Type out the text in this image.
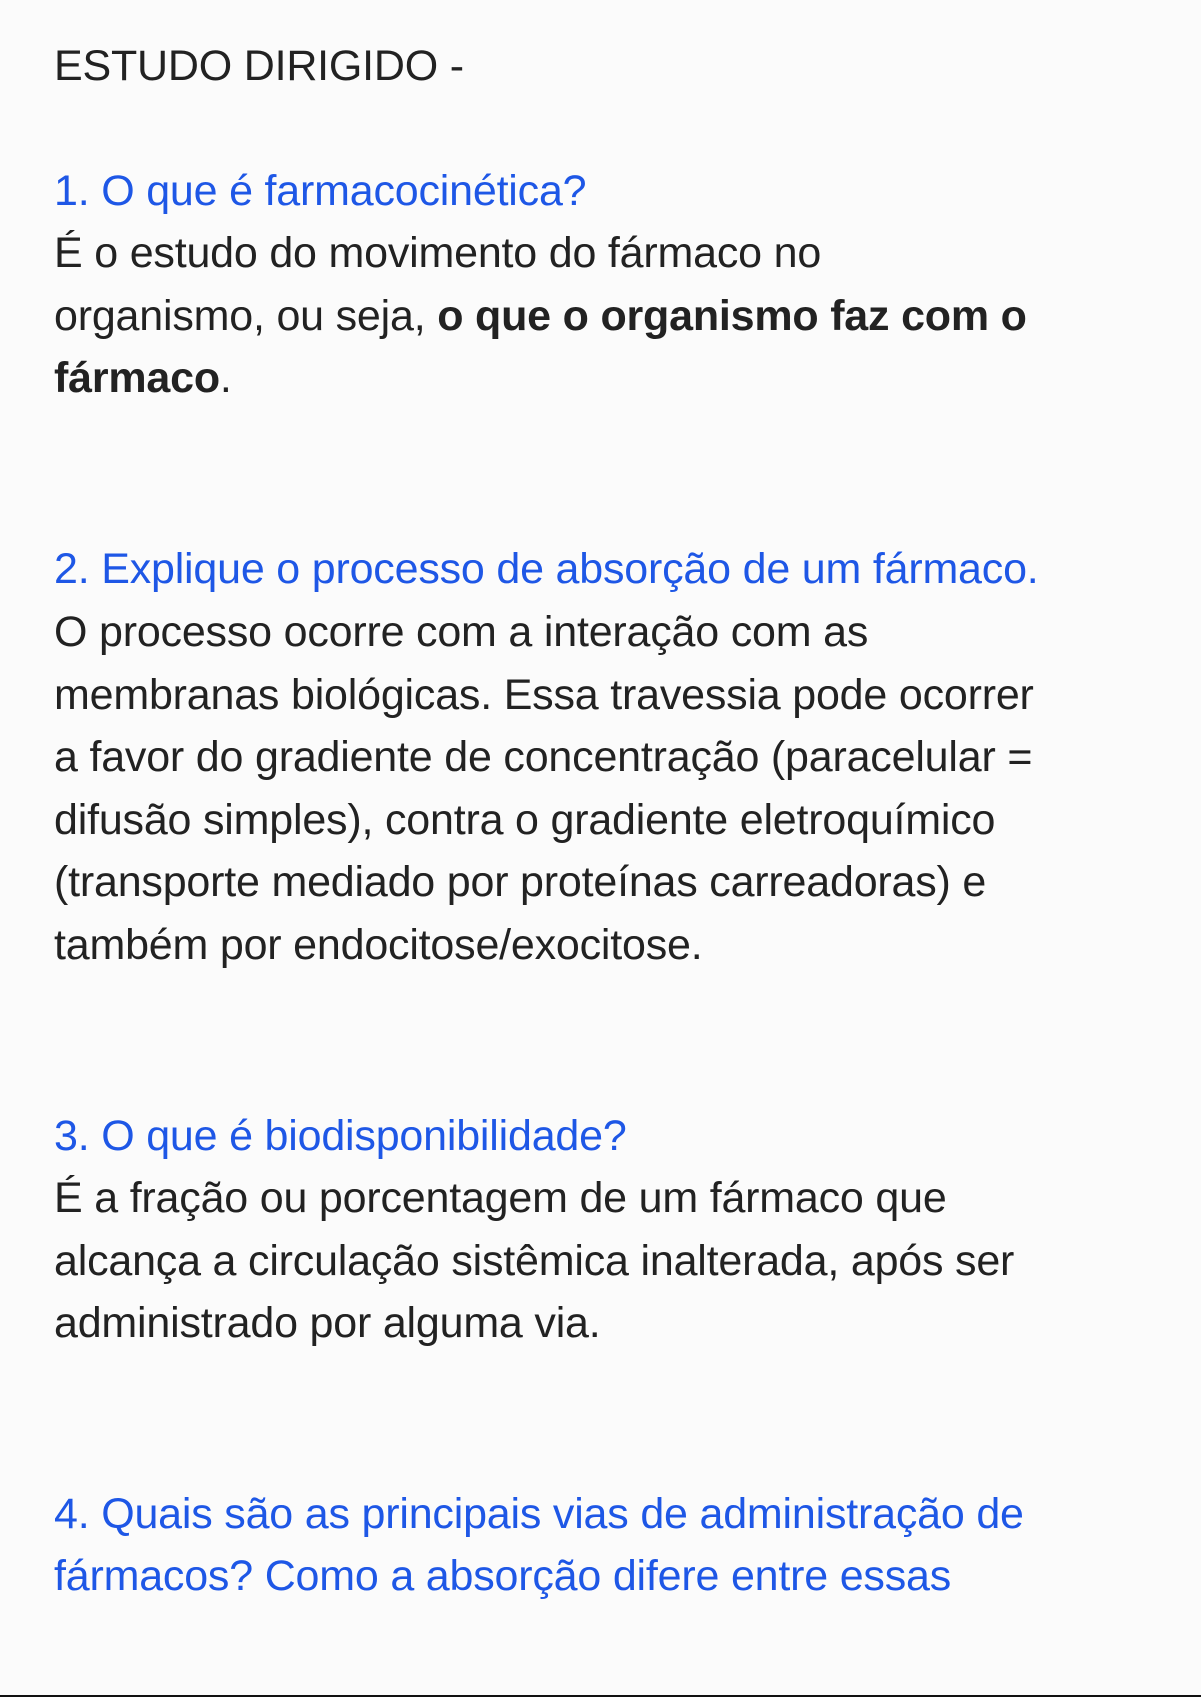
ESTUDO DIRIGIDO -
1. O que é farmacocinética?
É o estudo do movimento do fármaco no
organismo, ou seja, o que o organismo faz com o
fármaco.
2. Explique o processo de absorção de um fármaco.
O processo ocorre com a interação com as
membranas biológicas. Essa travessia pode ocorrer
a favor do gradiente de concentração (paracelular =
difusão simples), contra o gradiente eletroquímico
(transporte mediado por proteínas carreadoras) e
também por endocitose/exocitose.
3. O que é biodisponibilidade?
É a fração ou porcentagem de um fármaco que
alcança a circulação sistêmica inalterada, após ser
administrado por alguma via.
4. Quais são as principais vias de administração de
fármacos? Como a absorção difere entre essas
